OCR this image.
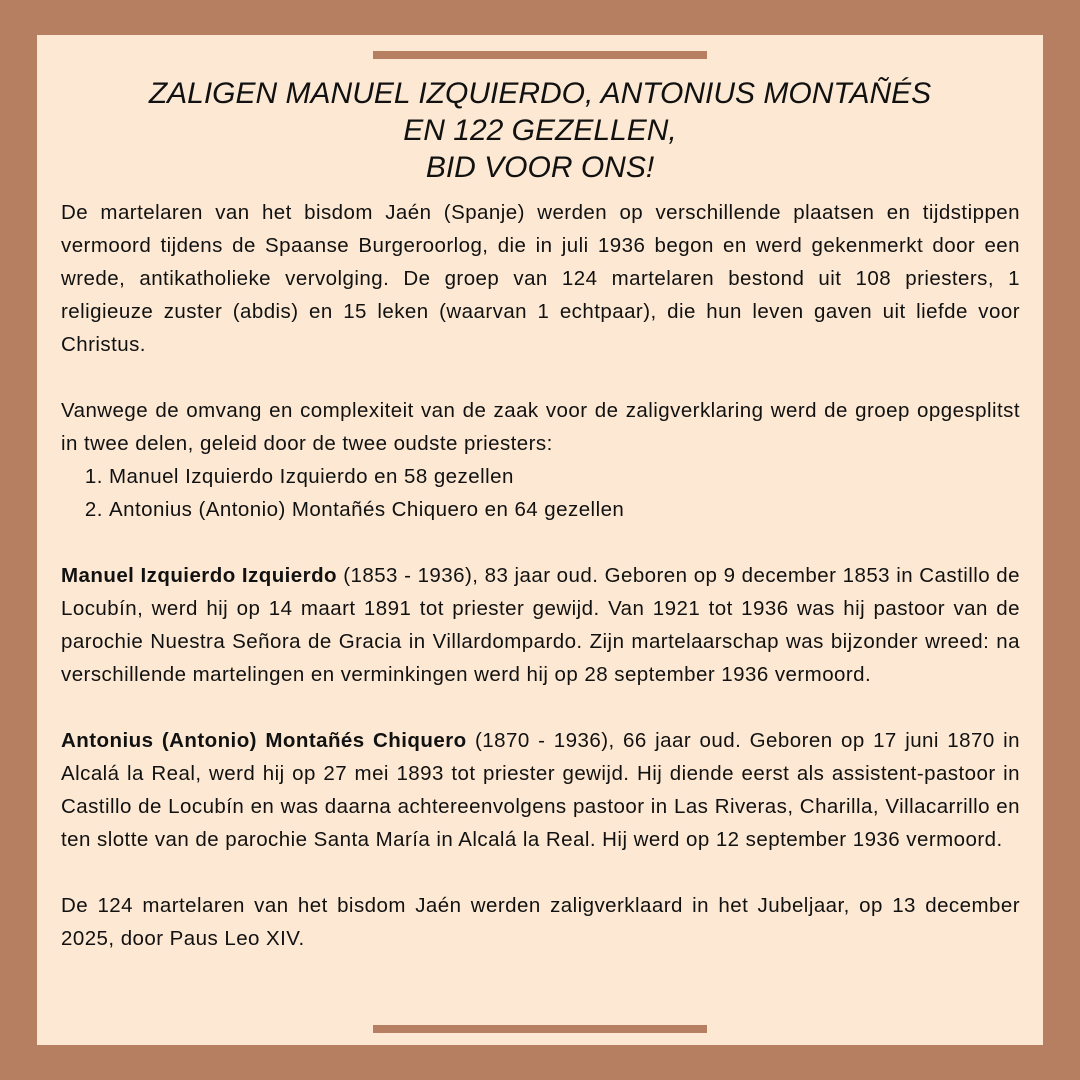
ZALIGEN MANUEL IZQUIERDO, ANTONIUS MONTAÑÉS
EN 122 GEZELLEN,
BID VOOR ONS!

De martelaren van het bisdom Jaén (Spanje) werden op verschillende plaatsen en tijdstippen vermoord tijdens de Spaanse Burgeroorlog, die in juli 1936 begon en werd gekenmerkt door een wrede, antikatholieke vervolging. De groep van 124 martelaren bestond uit 108 priesters, 1 religieuze zuster (abdis) en 15 leken (waarvan 1 echtpaar), die hun leven gaven uit liefde voor Christus.

Vanwege de omvang en complexiteit van de zaak voor de zaligverklaring werd de groep opgesplitst in twee delen, geleid door de twee oudste priesters:

1. Manuel Izquierdo Izquierdo en 58 gezellen
2. Antonius (Antonio) Montañés Chiquero en 64 gezellen

Manuel Izquierdo Izquierdo (1853 - 1936), 83 jaar oud. Geboren op 9 december 1853 in Castillo de Locubín, werd hij op 14 maart 1891 tot priester gewijd. Van 1921 tot 1936 was hij pastoor van de parochie Nuestra Señora de Gracia in Villardompardo. Zijn martelaarschap was bijzonder wreed: na verschillende martelingen en verminkingen werd hij op 28 september 1936 vermoord.

Antonius (Antonio) Montañés Chiquero (1870 - 1936), 66 jaar oud. Geboren op 17 juni 1870 in Alcalá la Real, werd hij op 27 mei 1893 tot priester gewijd. Hij diende eerst als assistent-pastoor in Castillo de Locubín en was daarna achtereenvolgens pastoor in Las Riveras, Charilla, Villacarrillo en ten slotte van de parochie Santa María in Alcalá la Real. Hij werd op 12 september 1936 vermoord.

De 124 martelaren van het bisdom Jaén werden zaligverklaard in het Jubeljaar, op 13 december 2025, door Paus Leo XIV.
